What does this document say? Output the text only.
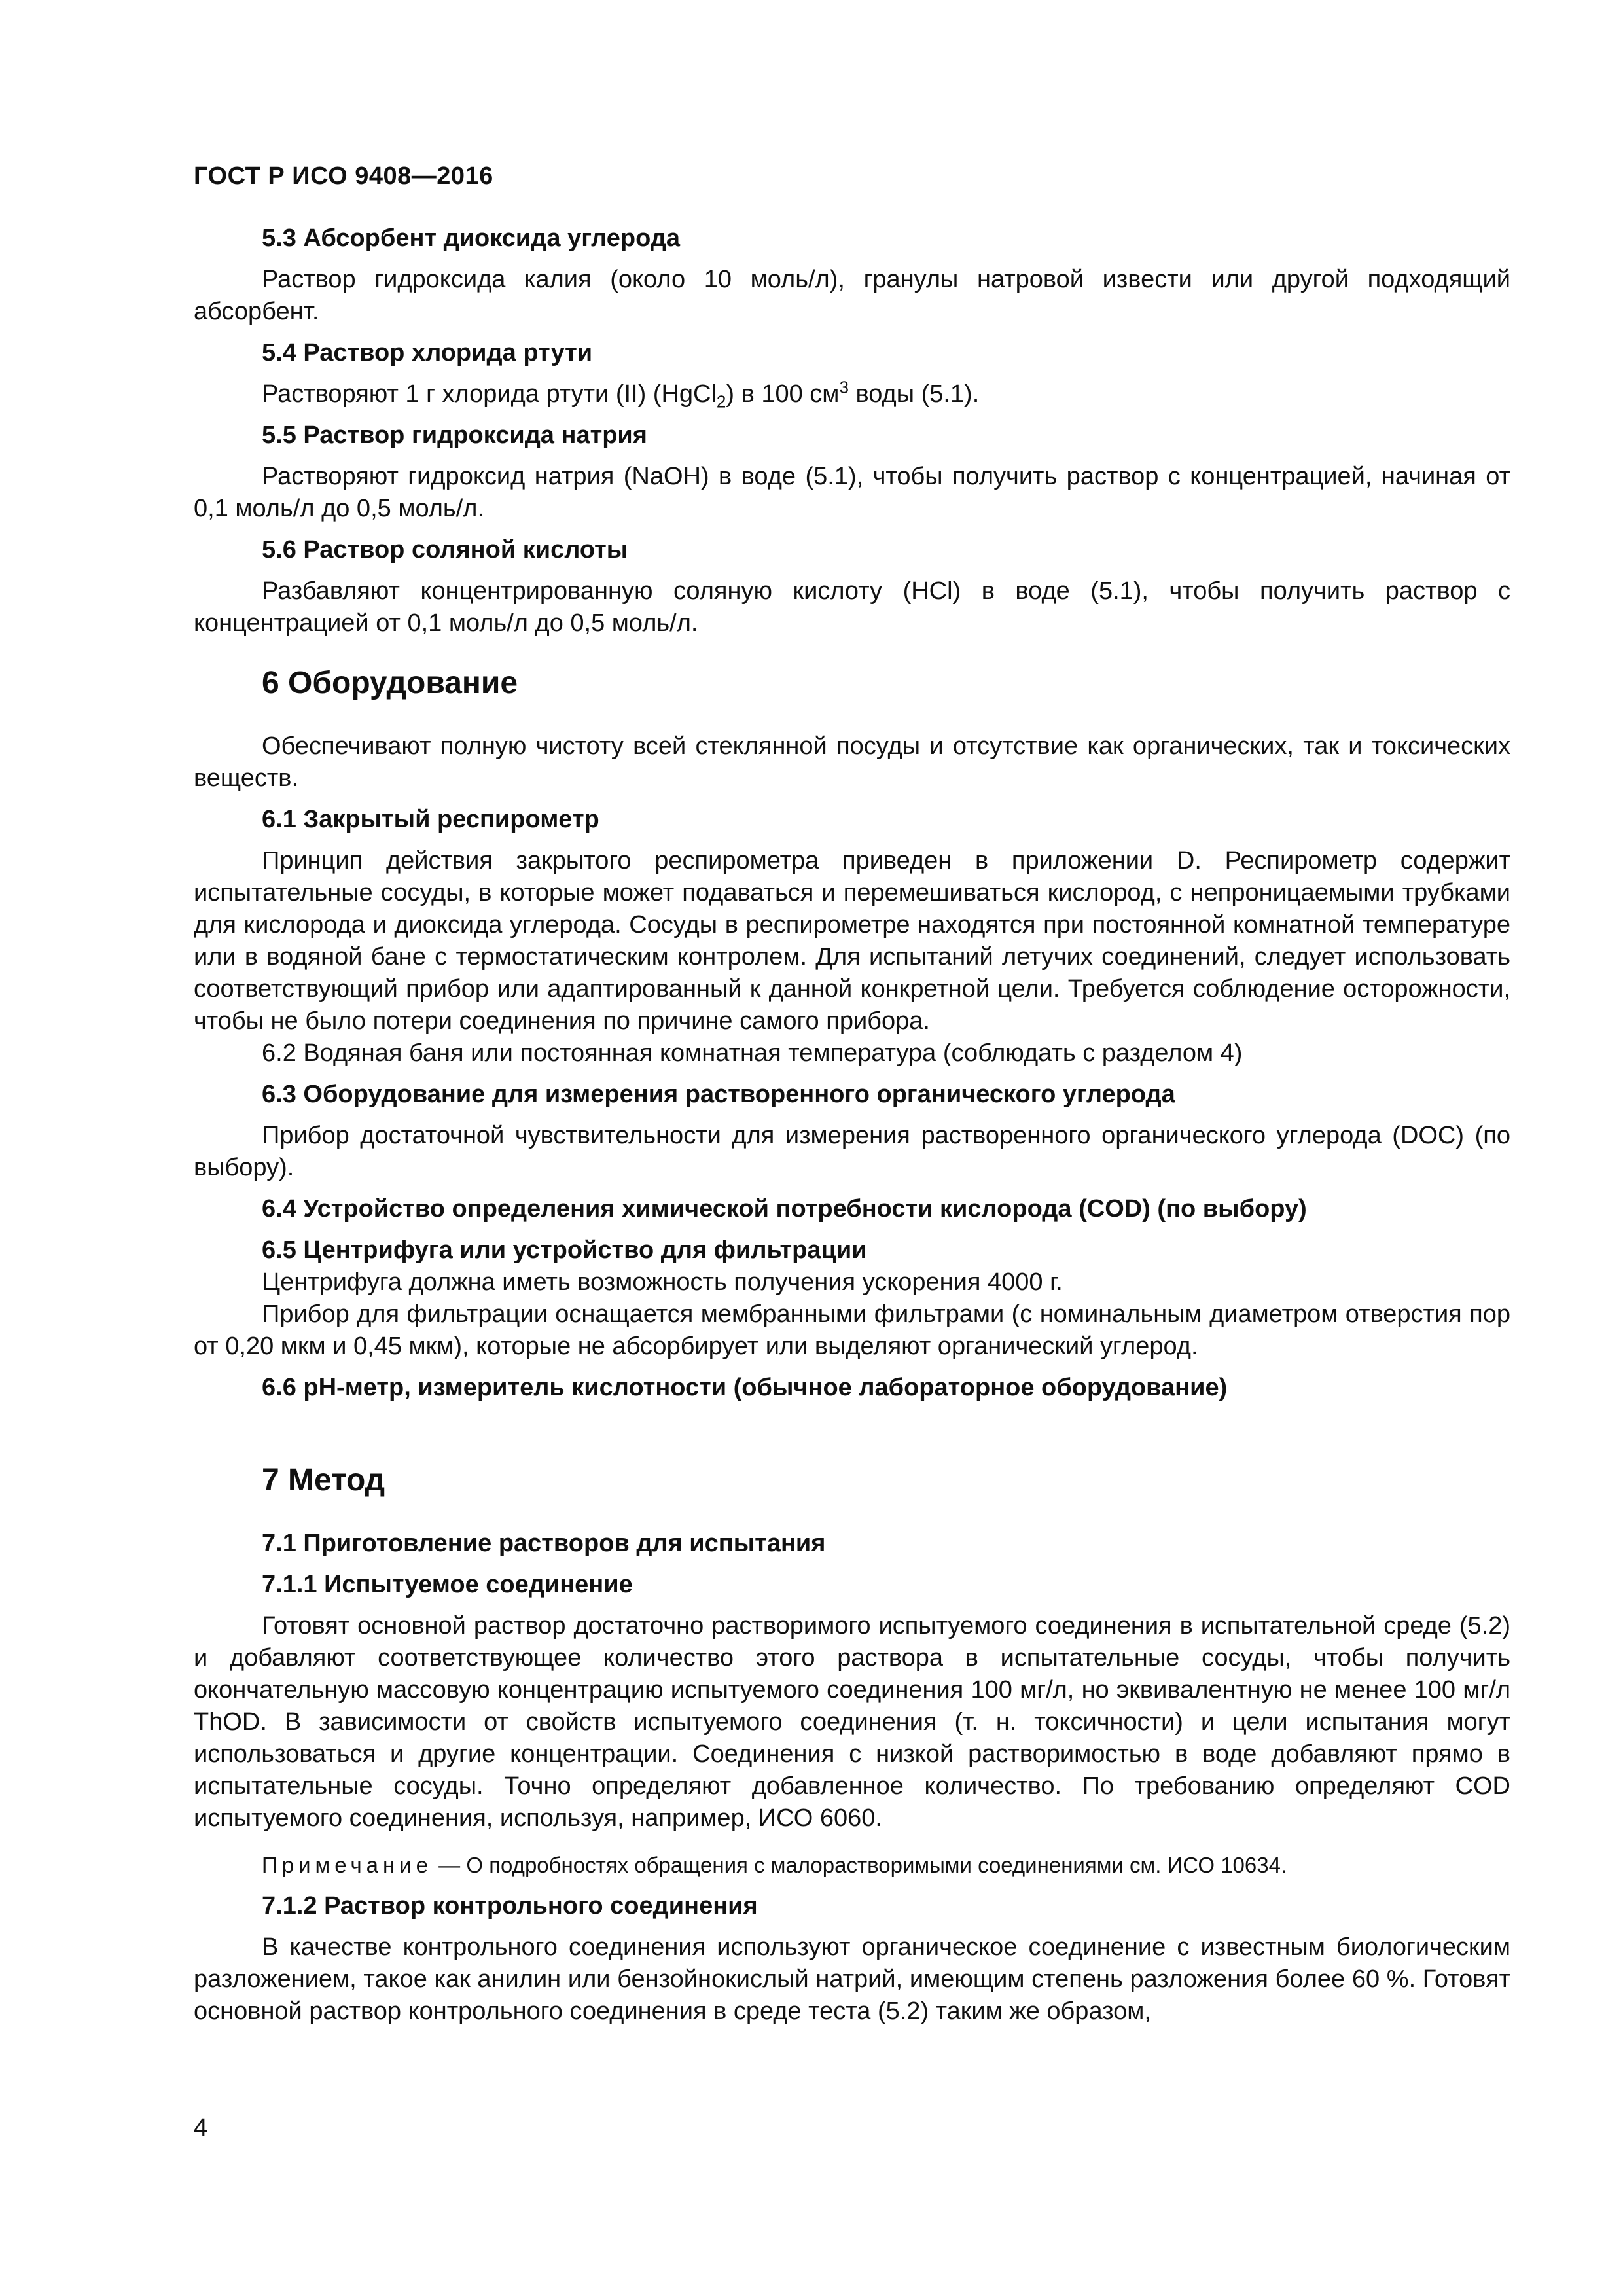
ГОСТ Р ИСО 9408—2016

5.3 Абсорбент диоксида углерода

Раствор гидроксида калия (около 10 моль/л), гранулы натровой извести или другой подходящий абсорбент.

5.4 Раствор хлорида ртути

Растворяют 1 г хлорида ртути (II) (HgCl$_2$) в 100 $см^3$ воды (5.1).

5.5 Раствор гидроксида натрия

Растворяют гидроксид натрия (NaOH) в воде (5.1), чтобы получить раствор с концентрацией, начиная от 0,1 моль/л до 0,5 моль/л.

5.6 Раствор соляной кислоты

Разбавляют концентрированную соляную кислоту (HCl) в воде (5.1), чтобы получить раствор с концентрацией от 0,1 моль/л до 0,5 моль/л.

6 Оборудование

Обеспечивают полную чистоту всей стеклянной посуды и отсутствие как органических, так и токсических веществ.

6.1 Закрытый респирометр

Принцип действия закрытого респирометра приведен в приложении D. Респирометр содержит испытательные сосуды, в которые может подаваться и перемешиваться кислород, с непроницаемыми трубками для кислорода и диоксида углерода. Сосуды в респирометре находятся при постоянной комнатной температуре или в водяной бане с термостатическим контролем. Для испытаний летучих соединений, следует использовать соответствующий прибор или адаптированный к данной конкретной цели. Требуется соблюдение осторожности, чтобы не было потери соединения по причине самого прибора.

6.2 Водяная баня или постоянная комнатная температура (соблюдать с разделом 4)

6.3 Оборудование для измерения растворенного органического углерода

Прибор достаточной чувствительности для измерения растворенного органического углерода (DOC) (по выбору).

6.4 Устройство определения химической потребности кислорода (COD) (по выбору)

6.5 Центрифуга или устройство для фильтрации

Центрифуга должна иметь возможность получения ускорения 4000 г.

Прибор для фильтрации оснащается мембранными фильтрами (с номинальным диаметром отверстия пор от 0,20 мкм и 0,45 мкм), которые не абсорбирует или выделяют органический углерод.

6.6 pH-метр, измеритель кислотности (обычное лабораторное оборудование)

7 Метод

7.1 Приготовление растворов для испытания

7.1.1 Испытуемое соединение

Готовят основной раствор достаточно растворимого испытуемого соединения в испытательной среде (5.2) и добавляют соответствующее количество этого раствора в испытательные сосуды, чтобы получить окончательную массовую концентрацию испытуемого соединения 100 мг/л, но эквивалентную не менее 100 мг/л ThOD. В зависимости от свойств испытуемого соединения (т. н. токсичности) и цели испытания могут использоваться и другие концентрации. Соединения с низкой растворимостью в воде добавляют прямо в испытательные сосуды. Точно определяют добавленное количество. По требованию определяют COD испытуемого соединения, используя, например, ИСО 6060.

Примечание — О подробностях обращения с малорастворимыми соединениями см. ИСО 10634.

7.1.2 Раствор контрольного соединения

В качестве контрольного соединения используют органическое соединение с известным биологическим разложением, такое как анилин или бензойнокислый натрий, имеющим степень разложения более 60 %. Готовят основной раствор контрольного соединения в среде теста (5.2) таким же образом,

4
